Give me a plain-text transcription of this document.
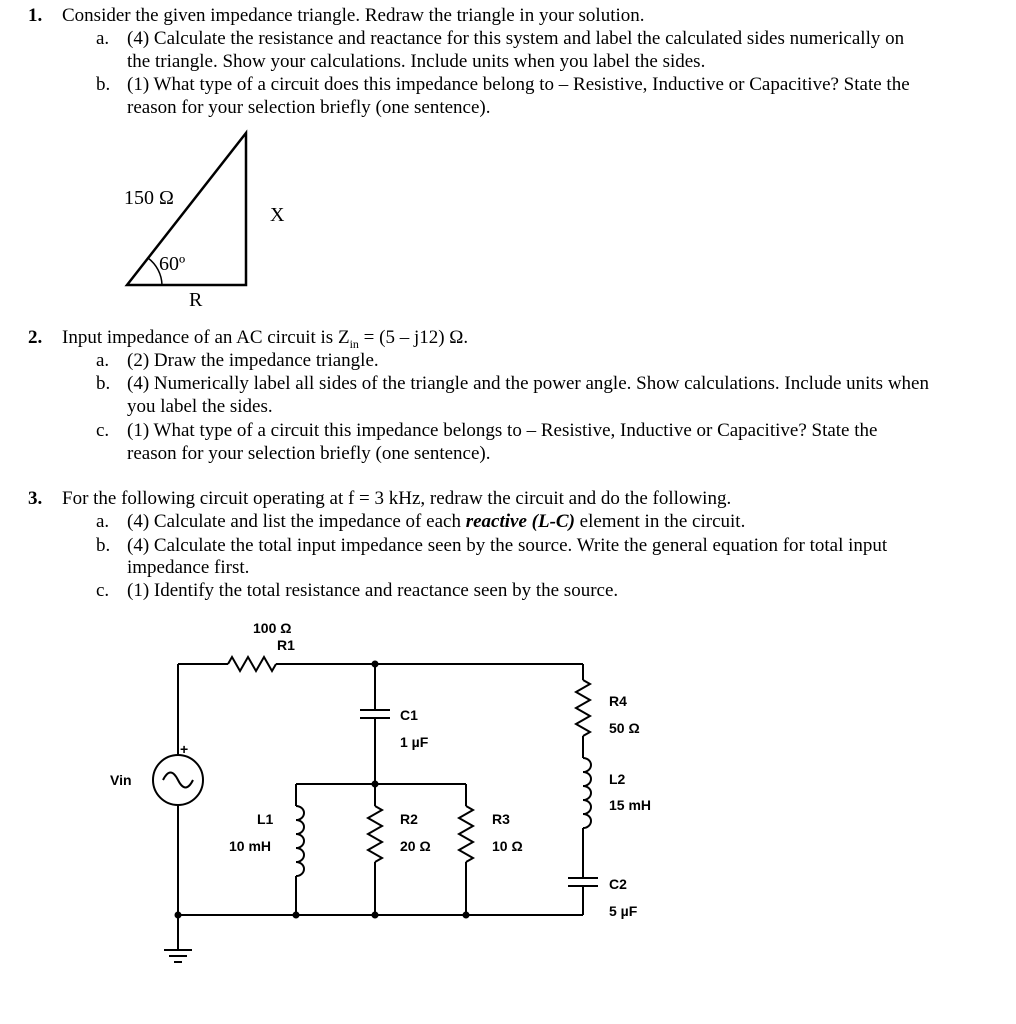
1. Consider the given impedance triangle. Redraw the triangle in your solution.
a. (4) Calculate the resistance and reactance for this system and label the calculated sides numerically on
the triangle. Show your calculations. Include units when you label the sides.
b. (1) What type of a circuit does this impedance belong to – Resistive, Inductive or Capacitive? State the
reason for your selection briefly (one sentence).
150 Ω
X
60º
R
2. Input impedance of an AC circuit is $Z_{in} = (5 - j12)$ Ω.
a. (2) Draw the impedance triangle.
b. (4) Numerically label all sides of the triangle and the power angle. Show calculations. Include units when
you label the sides.
c. (1) What type of a circuit this impedance belongs to – Resistive, Inductive or Capacitive? State the
reason for your selection briefly (one sentence).
3. For the following circuit operating at f = 3 kHz, redraw the circuit and do the following.
a. (4) Calculate and list the impedance of each reactive (L-C) element in the circuit.
b. (4) Calculate the total input impedance seen by the source. Write the general equation for total input
impedance first.
c. (1) Identify the total resistance and reactance seen by the source.
100 Ω
R1
C1
1 µF
R4
50 Ω
L2
15 mH
C2
5 µF
L1
10 mH
R2
20 Ω
R3
10 Ω
Vin
+
